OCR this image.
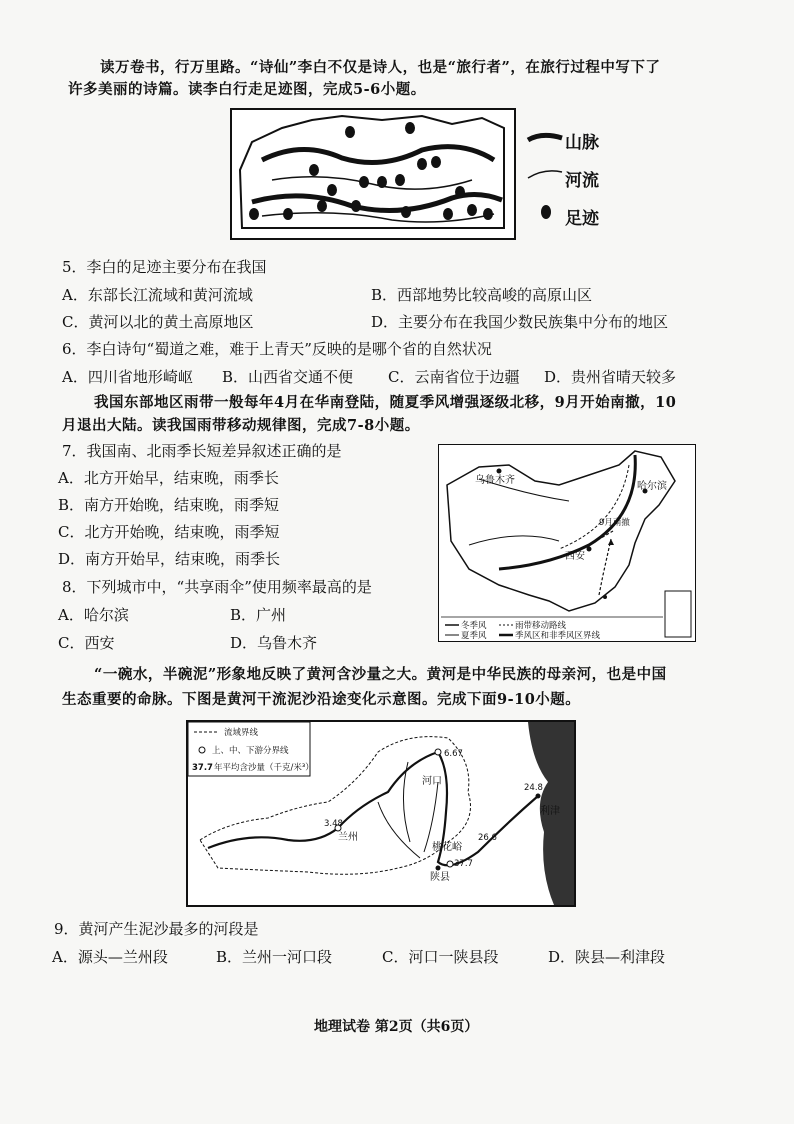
读万卷书，行万里路。“诗仙”李白不仅是诗人，也是“旅行者”，在旅行过程中写下了
许多美丽的诗篇。读李白行走足迹图，完成5-6小题。
山脉
河流
足迹
5．李白的足迹主要分布在我国
A．东部长江流域和黄河流域	B．西部地势比较高峻的高原山区
C．黄河以北的黄土高原地区	D．主要分布在我国少数民族集中分布的地区
6．李白诗句“蜀道之难，难于上青天”反映的是哪个省的自然状况
A．四川省地形崎岖 B．山西省交通不便 C．云南省位于边疆 D．贵州省晴天较多
我国东部地区雨带一般每年4月在华南登陆，随夏季风增强逐级北移，9月开始南撤，10
月退出大陆。读我国雨带移动规律图，完成7-8小题。
7．我国南、北雨季长短差异叙述正确的是
A．北方开始早，结束晚，雨季长
B．南方开始晚，结束晚，雨季短
C．北方开始晚，结束晚，雨季短
D．南方开始早，结束晚，雨季长
8．下列城市中，“共享雨伞”使用频率最高的是
A．哈尔滨	B．广州
C．西安	D．乌鲁木齐
乌鲁木齐
哈尔滨
西安
9月南撤
冬季风
夏季风
雨带移动路线
季风区和非季风区界线
“一碗水，半碗泥”形象地反映了黄河含沙量之大。黄河是中华民族的母亲河，也是中国
生态重要的命脉。下图是黄河干流泥沙沿途变化示意图。完成下面9-10小题。
流域界线
上、中、下游分界线
37.7 年平均含沙量（千克/米³）
6.67
河口
3.48
兰州	26.6
桃花峪
37.7
陕县
24.8
利津
9．黄河产生泥沙最多的河段是
A．源头—兰州段	B．兰州一河口段	C．河口一陕县段	D．陕县—利津段
地理试卷 第2页（共6页）
